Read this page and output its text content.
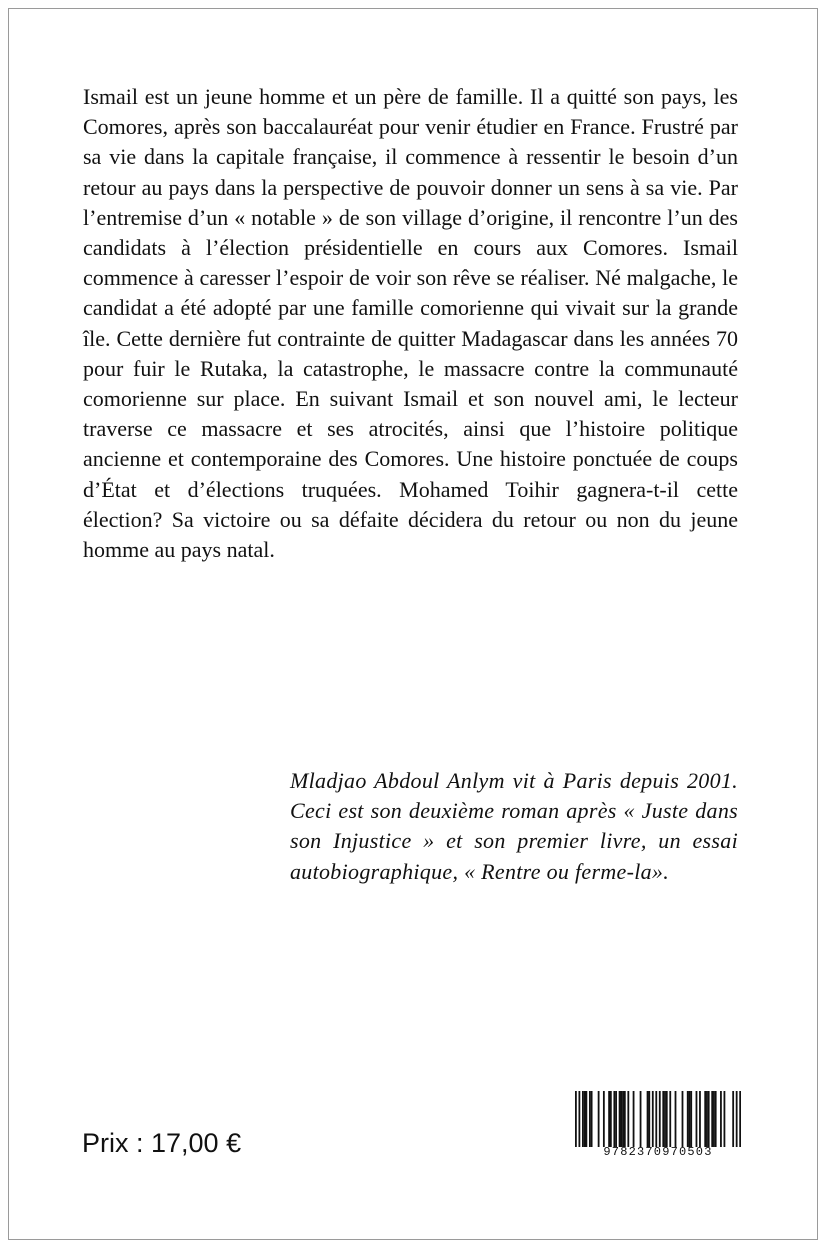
Ismail est un jeune homme et un père de famille. Il a quitté son pays, les Comores, après son baccalauréat pour venir étudier en France. Frustré par sa vie dans la capitale française, il commence à ressentir le besoin d’un retour au pays dans la perspective de pouvoir donner un sens à sa vie. Par l’entremise d’un « notable » de son village d’origine, il rencontre l’un des candidats à l’élection présidentielle en cours aux Comores. Ismail commence à caresser l’espoir de voir son rêve se réaliser. Né malgache, le candidat a été adopté par une famille comorienne qui vivait sur la grande île. Cette dernière fut contrainte de quitter Madagascar dans les années 70 pour fuir le Rutaka, la catastrophe, le massacre contre la communauté comorienne sur place. En suivant Ismail et son nouvel ami, le lecteur traverse ce massacre et ses atrocités, ainsi que l’histoire politique ancienne et contemporaine des Comores. Une histoire ponctuée de coups d’État et d’élections truquées. Mohamed Toihir gagnera-t-il cette élection? Sa victoire ou sa défaite décidera du retour ou non du jeune homme au pays natal.

Mladjao Abdoul Anlym vit à Paris depuis 2001. Ceci est son deuxième roman après « Juste dans son Injustice » et son premier livre, un essai autobiographique, « Rentre ou ferme-la».

Prix : 17,00 €	9782370970503
